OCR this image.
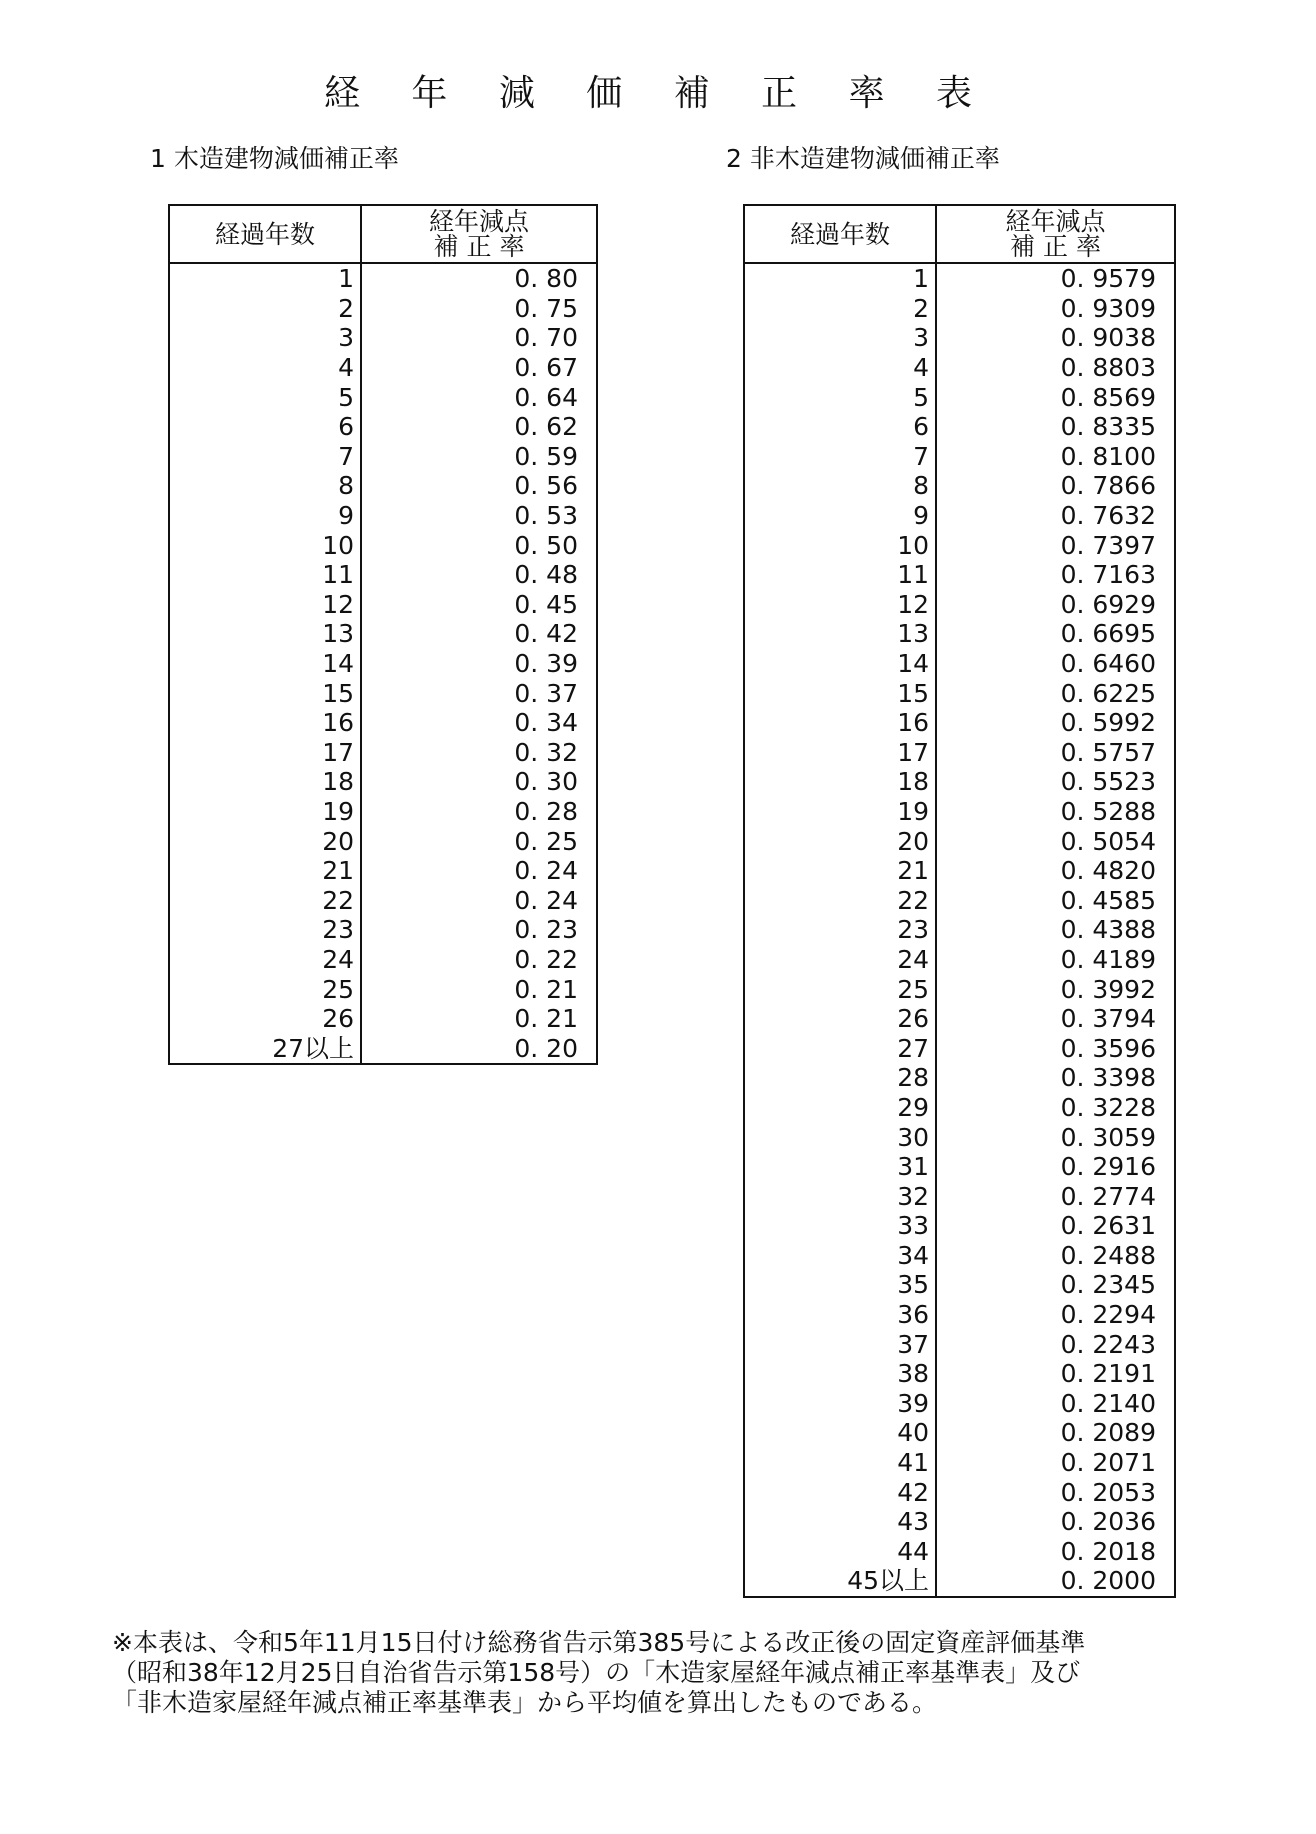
経 年 減 価 補 正 率 表
1 木造建物減価補正率	2 非木造建物減価補正率
経過年数	経年減点
補 正 率

1	0. 80
2	0. 75
3	0. 70
4	0. 67
5	0. 64
6	0. 62
7	0. 59
8	0. 56
9	0. 53
10	0. 50
11	0. 48
12	0. 45
13	0. 42
14	0. 39
15	0. 37
16	0. 34
17	0. 32
18	0. 30
19	0. 28
20	0. 25
21	0. 24
22	0. 24
23	0. 23
24	0. 22
25	0. 21
26	0. 21
27以上	0. 20
経過年数	経年減点
補 正 率

1	0. 9579
2	0. 9309
3	0. 9038
4	0. 8803
5	0. 8569
6	0. 8335
7	0. 8100
8	0. 7866
9	0. 7632
10	0. 7397
11	0. 7163
12	0. 6929
13	0. 6695
14	0. 6460
15	0. 6225
16	0. 5992
17	0. 5757
18	0. 5523
19	0. 5288
20	0. 5054
21	0. 4820
22	0. 4585
23	0. 4388
24	0. 4189
25	0. 3992
26	0. 3794
27	0. 3596
28	0. 3398
29	0. 3228
30	0. 3059
31	0. 2916
32	0. 2774
33	0. 2631
34	0. 2488
35	0. 2345
36	0. 2294
37	0. 2243
38	0. 2191
39	0. 2140
40	0. 2089
41	0. 2071
42	0. 2053
43	0. 2036
44	0. 2018
45以上	0. 2000
※本表は、令和5年11月15日付け総務省告示第385号による改正後の固定資産評価基準
（昭和38年12月25日自治省告示第158号）の「木造家屋経年減点補正率基準表」及び
「非木造家屋経年減点補正率基準表」から平均値を算出したものである。
